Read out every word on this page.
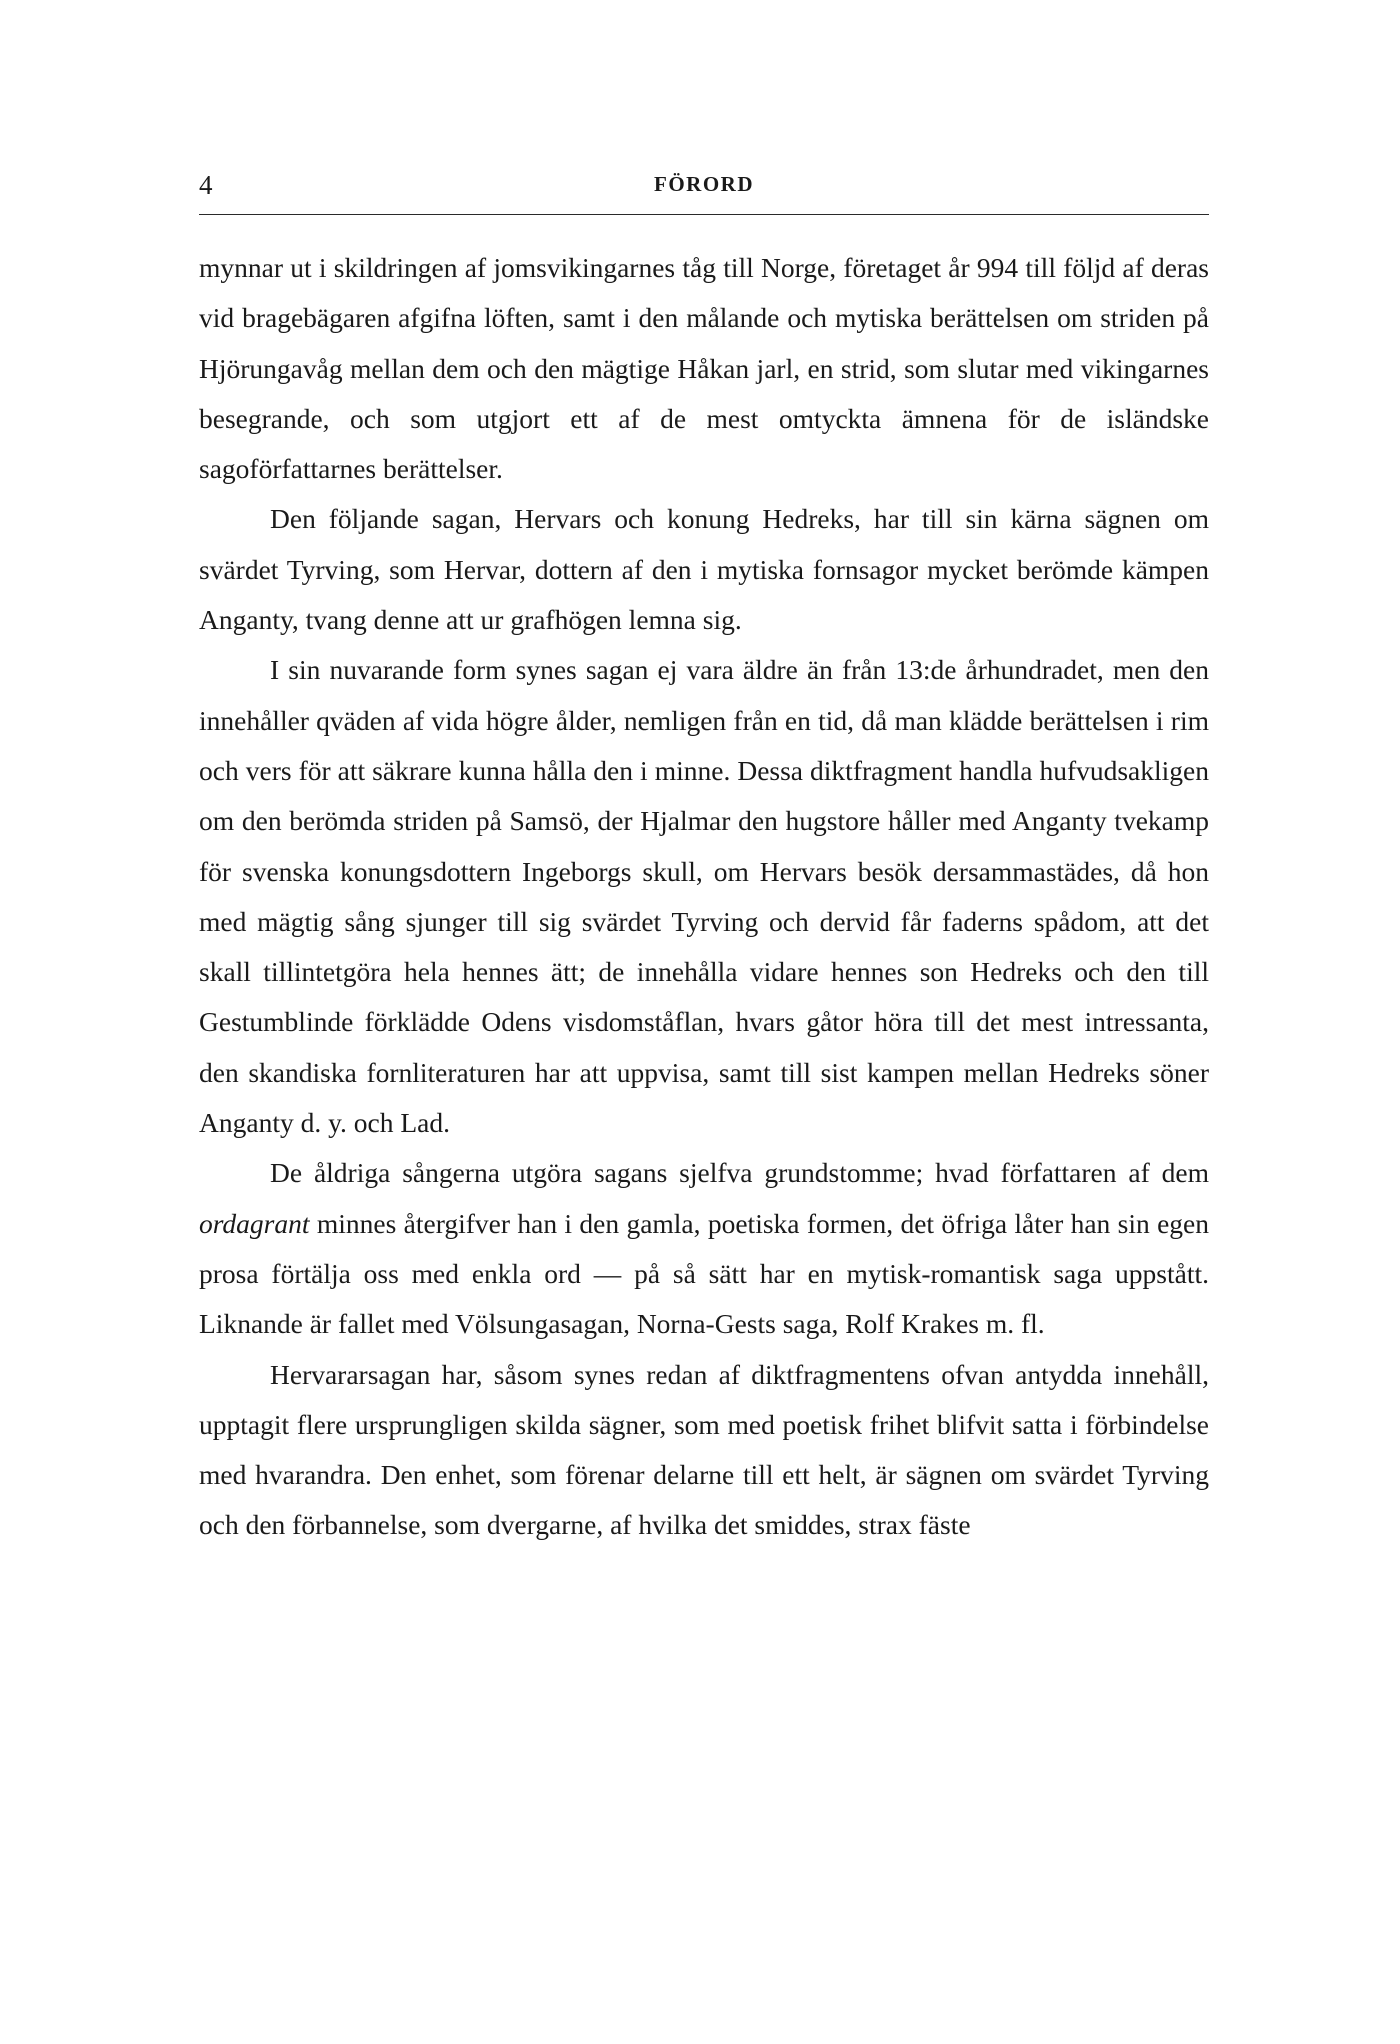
4	FÖRORD

mynnar ut i skildringen af jomsvikingarnes tåg till Norge, företaget år 994 till följd af deras vid bragebägaren afgifna löften, samt i den målande och mytiska berättelsen om striden på Hjörungavåg mellan dem och den mägtige Håkan jarl, en strid, som slutar med vikingarnes besegrande, och som utgjort ett af de mest omtyckta ämnena för de isländske sagoförfattarnes berättelser.

Den följande sagan, Hervars och konung Hedreks, har till sin kärna sägnen om svärdet Tyrving, som Hervar, dottern af den i mytiska fornsagor mycket berömde kämpen Anganty, tvang denne att ur grafhögen lemna sig.

I sin nuvarande form synes sagan ej vara äldre än från 13:de århundradet, men den innehåller qväden af vida högre ålder, nemligen från en tid, då man klädde berättelsen i rim och vers för att säkrare kunna hålla den i minne. Dessa diktfragment handla hufvudsakligen om den berömda striden på Samsö, der Hjalmar den hugstore håller med Anganty tvekamp för svenska konungsdottern Ingeborgs skull, om Hervars besök dersammastädes, då hon med mägtig sång sjunger till sig svärdet Tyrving och dervid får faderns spådom, att det skall tillintetgöra hela hennes ätt; de innehålla vidare hennes son Hedreks och den till Gestumblinde förklädde Odens visdomståflan, hvars gåtor höra till det mest intressanta, den skandiska fornliteraturen har att uppvisa, samt till sist kampen mellan Hedreks söner Anganty d. y. och Lad.

De åldriga sångerna utgöra sagans sjelfva grundstomme; hvad författaren af dem ordagrant minnes återgifver han i den gamla, poetiska formen, det öfriga låter han sin egen prosa förtälja oss med enkla ord — på så sätt har en mytisk-romantisk saga uppstått. Liknande är fallet med Völsungasagan, Norna-Gests saga, Rolf Krakes m. fl.

Hervararsagan har, såsom synes redan af diktfragmentens ofvan antydda innehåll, upptagit flere ursprungligen skilda sägner, som med poetisk frihet blifvit satta i förbindelse med hvarandra. Den enhet, som förenar delarne till ett helt, är sägnen om svärdet Tyrving och den förbannelse, som dvergarne, af hvilka det smiddes, strax fäste
